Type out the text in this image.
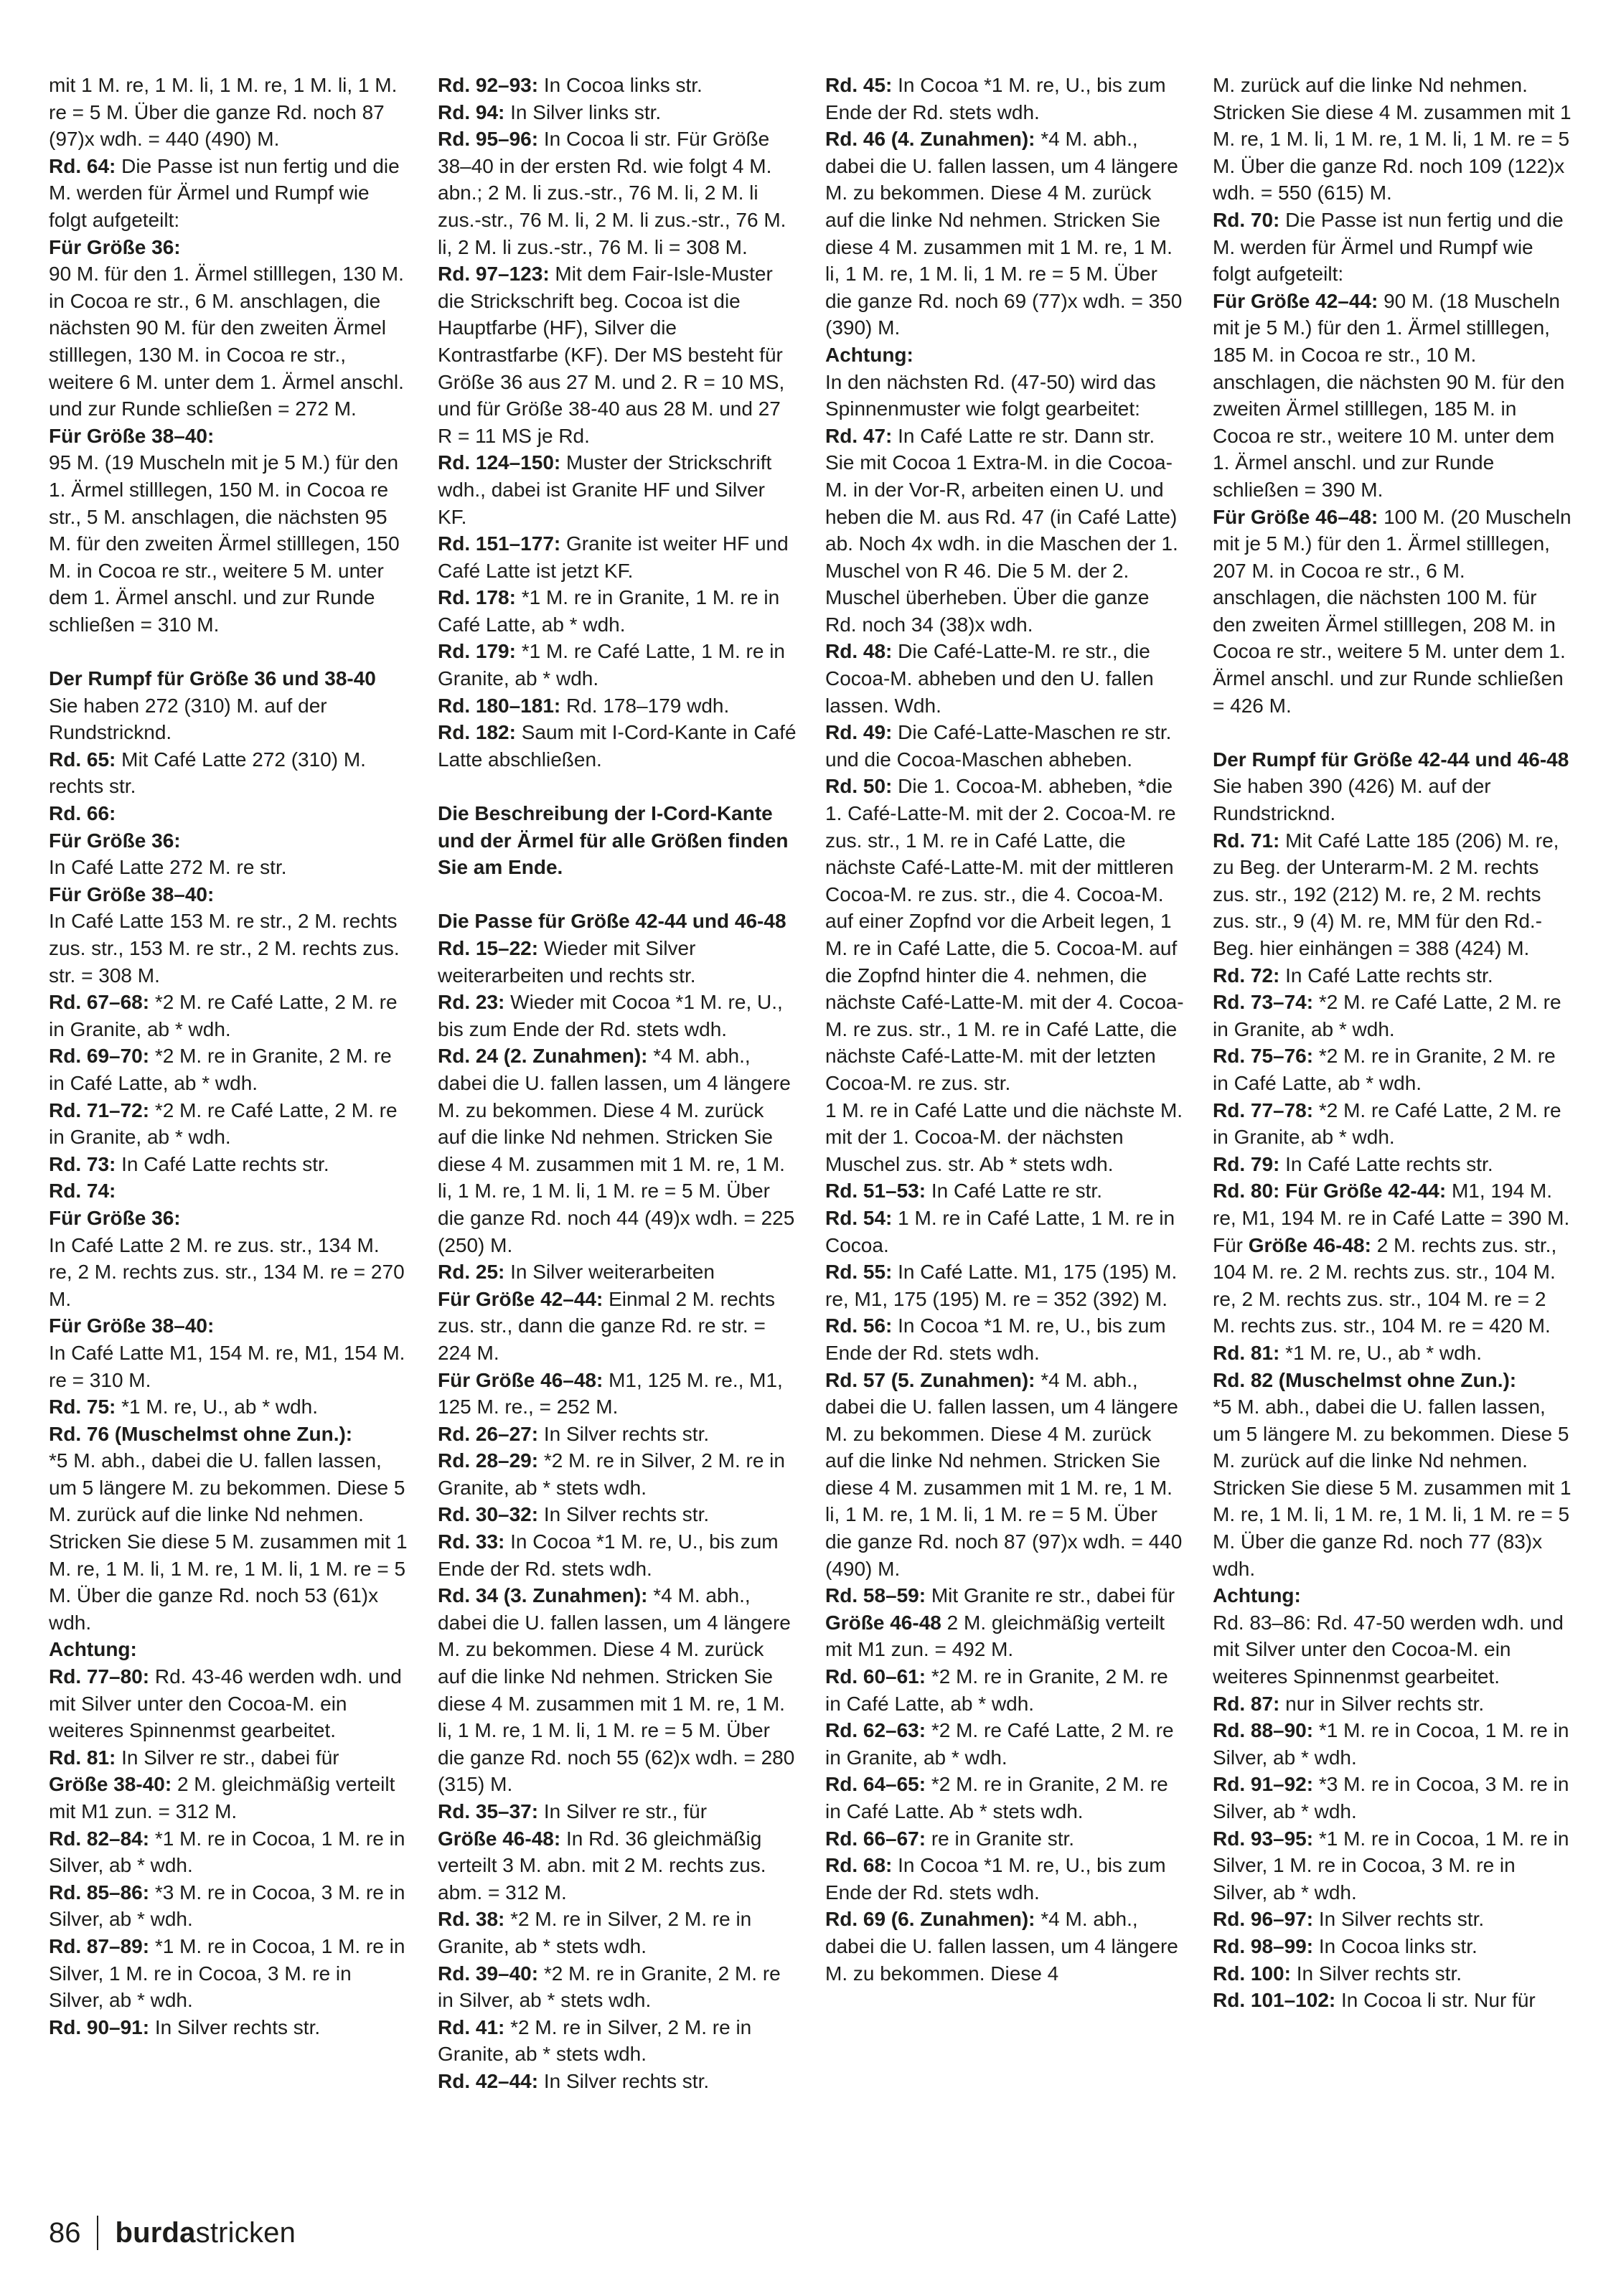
mit 1 M. re, 1 M. li, 1 M. re, 1 M. li, 1 M. re = 5 M. Über die ganze Rd. noch 87 (97)x wdh. = 440 (490) M.

Rd. 64: Die Passe ist nun fertig und die M. werden für Ärmel und Rumpf wie folgt aufgeteilt:

Für Größe 36:

90 M. für den 1. Ärmel stilllegen, 130 M. in Cocoa re str., 6 M. anschlagen, die nächsten 90 M. für den zweiten Ärmel stilllegen, 130 M. in Cocoa re str., weitere 6 M. unter dem 1. Ärmel anschl. und zur Runde schließen = 272 M.

Für Größe 38–40:

95 M. (19 Muscheln mit je 5 M.) für den 1. Ärmel stilllegen, 150 M. in Cocoa re str., 5 M. anschlagen, die nächsten 95 M. für den zweiten Ärmel stilllegen, 150 M. in Cocoa re str., weitere 5 M. unter dem 1. Ärmel anschl. und zur Runde schließen = 310 M.

Der Rumpf für Größe 36 und 38-40

Sie haben 272 (310) M. auf der Rundstricknd.

Rd. 65: Mit Café Latte 272 (310) M. rechts str.

Rd. 66:

Für Größe 36:

In Café Latte 272 M. re str.

Für Größe 38–40:

In Café Latte 153 M. re str., 2 M. rechts zus. str., 153 M. re str., 2 M. rechts zus. str. = 308 M.

Rd. 67–68: *2 M. re Café Latte, 2 M. re in Granite, ab * wdh.

Rd. 69–70: *2 M. re in Granite, 2 M. re in Café Latte, ab * wdh.

Rd. 71–72: *2 M. re Café Latte, 2 M. re in Granite, ab * wdh.

Rd. 73: In Café Latte rechts str.

Rd. 74:

Für Größe 36:

In Café Latte 2 M. re zus. str., 134 M. re, 2 M. rechts zus. str., 134 M. re = 270 M.

Für Größe 38–40:

In Café Latte M1, 154 M. re, M1, 154 M. re = 310 M.

Rd. 75: *1 M. re, U., ab * wdh.

Rd. 76 (Muschelmst ohne Zun.):

*5 M. abh., dabei die U. fallen lassen, um 5 längere M. zu bekommen. Diese 5 M. zurück auf die linke Nd nehmen. Stricken Sie diese 5 M. zusammen mit 1 M. re, 1 M. li, 1 M. re, 1 M. li, 1 M. re = 5 M. Über die ganze Rd. noch 53 (61)x wdh.

Achtung:

Rd. 77–80: Rd. 43-46 werden wdh. und mit Silver unter den Cocoa-M. ein weiteres Spinnenmst gearbeitet.

Rd. 81: In Silver re str., dabei für

Größe 38-40: 2 M. gleichmäßig verteilt mit M1 zun. = 312 M.

Rd. 82–84: *1 M. re in Cocoa, 1 M. re in Silver, ab * wdh.

Rd. 85–86: *3 M. re in Cocoa, 3 M. re in Silver, ab * wdh.

Rd. 87–89: *1 M. re in Cocoa, 1 M. re in Silver, 1 M. re in Cocoa, 3 M. re in Silver, ab * wdh.

Rd. 90–91: In Silver rechts str.

Rd. 92–93: In Cocoa links str.

Rd. 94: In Silver links str.

Rd. 95–96: In Cocoa li str. Für Größe 38–40 in der ersten Rd. wie folgt 4 M. abn.; 2 M. li zus.-str., 76 M. li, 2 M. li zus.-str., 76 M. li, 2 M. li zus.-str., 76 M. li, 2 M. li zus.-str., 76 M. li = 308 M.

Rd. 97–123: Mit dem Fair-Isle-Muster die Strickschrift beg. Cocoa ist die Hauptfarbe (HF), Silver die Kontrastfarbe (KF). Der MS besteht für Größe 36 aus 27 M. und 2. R = 10 MS, und für Größe 38-40 aus 28 M. und 27 R = 11 MS je Rd.

Rd. 124–150: Muster der Strickschrift wdh., dabei ist Granite HF und Silver KF.

Rd. 151–177: Granite ist weiter HF und Café Latte ist jetzt KF.

Rd. 178: *1 M. re in Granite, 1 M. re in Café Latte, ab * wdh.

Rd. 179: *1 M. re Café Latte, 1 M. re in Granite, ab * wdh.

Rd. 180–181: Rd. 178–179 wdh.

Rd. 182: Saum mit I-Cord-Kante in Café Latte abschließen.

Die Beschreibung der I-Cord-Kante und der Ärmel für alle Größen finden Sie am Ende.

Die Passe für Größe 42-44 und 46-48

Rd. 15–22: Wieder mit Silver weiterarbeiten und rechts str.

Rd. 23: Wieder mit Cocoa *1 M. re, U., bis zum Ende der Rd. stets wdh.

Rd. 24 (2. Zunahmen): *4 M. abh., dabei die U. fallen lassen, um 4 längere M. zu bekommen. Diese 4 M. zurück auf die linke Nd nehmen. Stricken Sie diese 4 M. zusammen mit 1 M. re, 1 M. li, 1 M. re, 1 M. li, 1 M. re = 5 M. Über die ganze Rd. noch 44 (49)x wdh. = 225 (250) M.

Rd. 25: In Silver weiterarbeiten

Für Größe 42–44: Einmal 2 M. rechts zus. str., dann die ganze Rd. re str. = 224 M.

Für Größe 46–48: M1, 125 M. re., M1, 125 M. re., = 252 M.

Rd. 26–27: In Silver rechts str.

Rd. 28–29: *2 M. re in Silver, 2 M. re in Granite, ab * stets wdh.

Rd. 30–32: In Silver rechts str.

Rd. 33: In Cocoa *1 M. re, U., bis zum Ende der Rd. stets wdh.

Rd. 34 (3. Zunahmen): *4 M. abh., dabei die U. fallen lassen, um 4 längere M. zu bekommen. Diese 4 M. zurück auf die linke Nd nehmen. Stricken Sie diese 4 M. zusammen mit 1 M. re, 1 M. li, 1 M. re, 1 M. li, 1 M. re = 5 M. Über die ganze Rd. noch 55 (62)x wdh. = 280 (315) M.

Rd. 35–37: In Silver re str., für

Größe 46-48: In Rd. 36 gleichmäßig verteilt 3 M. abn. mit 2 M. rechts zus. abm. = 312 M.

Rd. 38: *2 M. re in Silver, 2 M. re in Granite, ab * stets wdh.

Rd. 39–40: *2 M. re in Granite, 2 M. re in Silver, ab * stets wdh.

Rd. 41: *2 M. re in Silver, 2 M. re in Granite, ab * stets wdh.

Rd. 42–44: In Silver rechts str.

Rd. 45: In Cocoa *1 M. re, U., bis zum Ende der Rd. stets wdh.

Rd. 46 (4. Zunahmen): *4 M. abh., dabei die U. fallen lassen, um 4 längere M. zu bekommen. Diese 4 M. zurück auf die linke Nd nehmen. Stricken Sie diese 4 M. zusammen mit 1 M. re, 1 M. li, 1 M. re, 1 M. li, 1 M. re = 5 M. Über die ganze Rd. noch 69 (77)x wdh. = 350 (390) M.

Achtung:

In den nächsten Rd. (47-50) wird das Spinnenmuster wie folgt gearbeitet:

Rd. 47: In Café Latte re str. Dann str. Sie mit Cocoa 1 Extra-M. in die Cocoa-M. in der Vor-R, arbeiten einen U. und heben die M. aus Rd. 47 (in Café Latte) ab. Noch 4x wdh. in die Maschen der 1. Muschel von R 46. Die 5 M. der 2. Muschel überheben. Über die ganze Rd. noch 34 (38)x wdh.

Rd. 48: Die Café-Latte-M. re str., die Cocoa-M. abheben und den U. fallen lassen. Wdh.

Rd. 49: Die Café-Latte-Maschen re str. und die Cocoa-Maschen abheben.

Rd. 50: Die 1. Cocoa-M. abheben, *die 1. Café-Latte-M. mit der 2. Cocoa-M. re zus. str., 1 M. re in Café Latte, die nächste Café-Latte-M. mit der mittleren Cocoa-M. re zus. str., die 4. Cocoa-M. auf einer Zopfnd vor die Arbeit legen, 1 M. re in Café Latte, die 5. Cocoa-M. auf die Zopfnd hinter die 4. nehmen, die nächste Café-Latte-M. mit der 4. Cocoa-M. re zus. str., 1 M. re in Café Latte, die nächste Café-Latte-M. mit der letzten Cocoa-M. re zus. str.

1 M. re in Café Latte und die nächste M. mit der 1. Cocoa-M. der nächsten Muschel zus. str. Ab * stets wdh.

Rd. 51–53: In Café Latte re str.

Rd. 54: 1 M. re in Café Latte, 1 M. re in Cocoa.

Rd. 55: In Café Latte. M1, 175 (195) M. re, M1, 175 (195) M. re = 352 (392) M.

Rd. 56: In Cocoa *1 M. re, U., bis zum Ende der Rd. stets wdh.

Rd. 57 (5. Zunahmen): *4 M. abh., dabei die U. fallen lassen, um 4 längere M. zu bekommen. Diese 4 M. zurück auf die linke Nd nehmen. Stricken Sie diese 4 M. zusammen mit 1 M. re, 1 M. li, 1 M. re, 1 M. li, 1 M. re = 5 M. Über die ganze Rd. noch 87 (97)x wdh. = 440 (490) M.

Rd. 58–59: Mit Granite re str., dabei für

Größe 46-48 2 M. gleichmäßig verteilt mit M1 zun. = 492 M.

Rd. 60–61: *2 M. re in Granite, 2 M. re in Café Latte, ab * wdh.

Rd. 62–63: *2 M. re Café Latte, 2 M. re in Granite, ab * wdh.

Rd. 64–65: *2 M. re in Granite, 2 M. re in Café Latte. Ab * stets wdh.

Rd. 66–67: re in Granite str.

Rd. 68: In Cocoa *1 M. re, U., bis zum Ende der Rd. stets wdh.

Rd. 69 (6. Zunahmen): *4 M. abh., dabei die U. fallen lassen, um 4 längere M. zu bekommen. Diese 4

M. zurück auf die linke Nd nehmen. Stricken Sie diese 4 M. zusammen mit 1 M. re, 1 M. li, 1 M. re, 1 M. li, 1 M. re = 5 M. Über die ganze Rd. noch 109 (122)x wdh. = 550 (615) M.

Rd. 70: Die Passe ist nun fertig und die M. werden für Ärmel und Rumpf wie folgt aufgeteilt:

Für Größe 42–44: 90 M. (18 Muscheln mit je 5 M.) für den 1. Ärmel stilllegen, 185 M. in Cocoa re str., 10 M. anschlagen, die nächsten 90 M. für den zweiten Ärmel stilllegen, 185 M. in Cocoa re str., weitere 10 M. unter dem 1. Ärmel anschl. und zur Runde schließen = 390 M.

Für Größe 46–48: 100 M. (20 Muscheln mit je 5 M.) für den 1. Ärmel stilllegen, 207 M. in Cocoa re str., 6 M. anschlagen, die nächsten 100 M. für den zweiten Ärmel stilllegen, 208 M. in Cocoa re str., weitere 5 M. unter dem 1. Ärmel anschl. und zur Runde schließen = 426 M.

Der Rumpf für Größe 42-44 und 46-48

Sie haben 390 (426) M. auf der Rundstricknd.

Rd. 71: Mit Café Latte 185 (206) M. re, zu Beg. der Unterarm-M. 2 M. rechts zus. str., 192 (212) M. re, 2 M. rechts zus. str., 9 (4) M. re, MM für den Rd.-Beg. hier einhängen = 388 (424) M.

Rd. 72: In Café Latte rechts str.

Rd. 73–74: *2 M. re Café Latte, 2 M. re in Granite, ab * wdh.

Rd. 75–76: *2 M. re in Granite, 2 M. re in Café Latte, ab * wdh.

Rd. 77–78: *2 M. re Café Latte, 2 M. re in Granite, ab * wdh.

Rd. 79: In Café Latte rechts str.

Rd. 80: Für Größe 42-44: M1, 194 M. re, M1, 194 M. re in Café Latte = 390 M.

Für Größe 46-48: 2 M. rechts zus. str., 104 M. re. 2 M. rechts zus. str., 104 M. re, 2 M. rechts zus. str., 104 M. re = 2 M. rechts zus. str., 104 M. re = 420 M.

Rd. 81: *1 M. re, U., ab * wdh.

Rd. 82 (Muschelmst ohne Zun.):

*5 M. abh., dabei die U. fallen lassen, um 5 längere M. zu bekommen. Diese 5 M. zurück auf die linke Nd nehmen. Stricken Sie diese 5 M. zusammen mit 1 M. re, 1 M. li, 1 M. re, 1 M. li, 1 M. re = 5 M. Über die ganze Rd. noch 77 (83)x wdh.

Achtung:

Rd. 83–86: Rd. 47-50 werden wdh. und mit Silver unter den Cocoa-M. ein weiteres Spinnenmst gearbeitet.

Rd. 87: nur in Silver rechts str.

Rd. 88–90: *1 M. re in Cocoa, 1 M. re in Silver, ab * wdh.

Rd. 91–92: *3 M. re in Cocoa, 3 M. re in Silver, ab * wdh.

Rd. 93–95: *1 M. re in Cocoa, 1 M. re in Silver, 1 M. re in Cocoa, 3 M. re in Silver, ab * wdh.

Rd. 96–97: In Silver rechts str.

Rd. 98–99: In Cocoa links str.

Rd. 100: In Silver rechts str.

Rd. 101–102: In Cocoa li str. Nur für

86	burdastricken
